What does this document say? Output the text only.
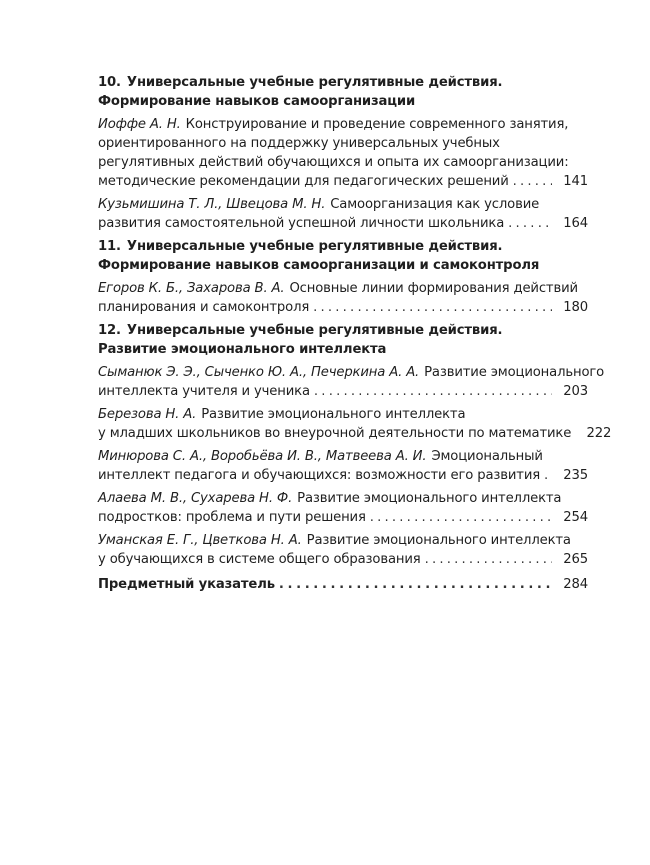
10. Универсальные учебные регулятивные действия.
Формирование навыков самоорганизации
Иоффе А. Н. Конструирование и проведение современного занятия,
ориентированного на поддержку универсальных учебных
регулятивных действий обучающихся и опыта их самоорганизации:
методические рекомендации для педагогических решений . . .	141
Кузьмишина Т. Л., Швецова М. Н. Самоорганизация как условие
развития самостоятельной успешной личности школьника . . .	164
11. Универсальные учебные регулятивные действия.
Формирование навыков самоорганизации и самоконтроля
Егоров К. Б., Захарова В. А. Основные линии формирования действий
планирования и самоконтроля . . .	180
12. Универсальные учебные регулятивные действия.
Развитие эмоционального интеллекта
Сыманюк Э. Э., Сыченко Ю. А., Печеркина А. А. Развитие эмоционального
интеллекта учителя и ученика . . .	203
Березова Н. А. Развитие эмоционального интеллекта
у младших школьников во внеурочной деятельности по математике	222
Минюрова С. А., Воробьёва И. В., Матвеева А. И. Эмоциональный
интеллект педагога и обучающихся: возможности его развития . . .	235
Алаева М. В., Сухарева Н. Ф. Развитие эмоционального интеллекта
подростков: проблема и пути решения . . .	254
Уманская Е. Г., Цветкова Н. А. Развитие эмоционального интеллекта
у обучающихся в системе общего образования . . .	265
Предметный указатель . . .	284
